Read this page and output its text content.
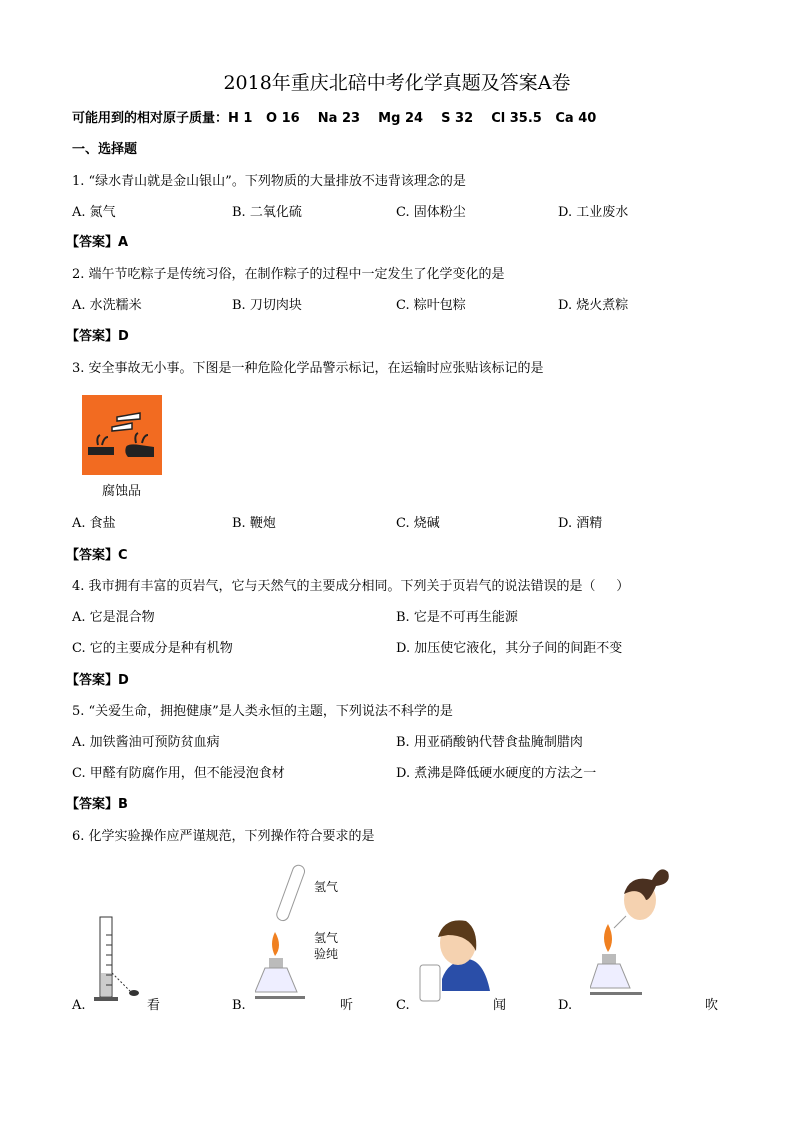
2018年重庆北碚中考化学真题及答案A卷
可能用到的相对原子质量：H 1   O 16    Na 23    Mg 24    S 32    Cl 35.5   Ca 40
一、选择题
1. “绿水青山就是金山银山”。下列物质的大量排放不违背该理念的是
A. 氮气	B. 二氧化硫	C. 固体粉尘	D. 工业废水
【答案】A
2. 端午节吃粽子是传统习俗，在制作粽子的过程中一定发生了化学变化的是
A. 水洗糯米	B. 刀切肉块	C. 粽叶包粽	D. 烧火煮粽
【答案】D
3. 安全事故无小事。下图是一种危险化学品警示标记，在运输时应张贴该标记的是
腐蚀品
A. 食盐	B. 鞭炮	C. 烧碱	D. 酒精
【答案】C
4. 我市拥有丰富的页岩气，它与天然气的主要成分相同。下列关于页岩气的说法错误的是（     ）
A. 它是混合物	B. 它是不可再生能源
C. 它的主要成分是种有机物	D. 加压使它液化，其分子间的间距不变
【答案】D
5. “关爱生命，拥抱健康”是人类永恒的主题，下列说法不科学的是
A. 加铁酱油可预防贫血病	B. 用亚硝酸钠代替食盐腌制腊肉
C. 甲醛有防腐作用，但不能浸泡食材	D. 煮沸是降低硬水硬度的方法之一
【答案】B
6. 化学实验操作应严谨规范，下列操作符合要求的是
A.	看	B.
氢气
氢气
验纯
听	C.	闻	D.	吹
